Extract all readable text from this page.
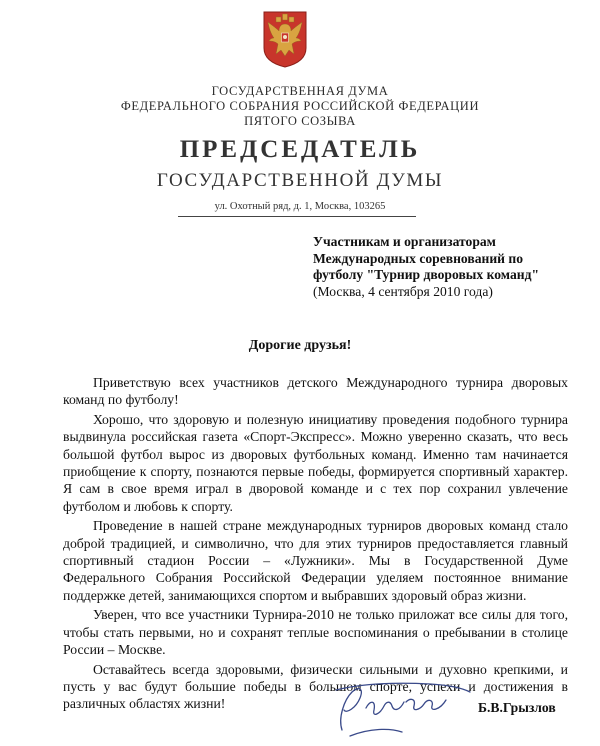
ГОСУДАРСТВЕННАЯ ДУМА
ФЕДЕРАЛЬНОГО СОБРАНИЯ РОССИЙСКОЙ ФЕДЕРАЦИИ
ПЯТОГО СОЗЫВА
ПРЕДСЕДАТЕЛЬ
ГОСУДАРСТВЕННОЙ ДУМЫ
ул. Охотный ряд, д. 1, Москва, 103265
Участникам и организаторам
Международных соревнований по
футболу "Турнир дворовых команд"
(Москва, 4 сентября 2010 года)
Дорогие друзья!

Приветствую всех участников детского Международного турнира дворовых команд по футболу!

Хорошо, что здоровую и полезную инициативу проведения подобного турнира выдвинула российская газета «Спорт-Экспресс». Можно уверенно сказать, что весь большой футбол вырос из дворовых футбольных команд. Именно там начинается приобщение к спорту, познаются первые победы, формируется спортивный характер. Я сам в свое время играл в дворовой команде и с тех пор сохранил увлечение футболом и любовь к спорту.

Проведение в нашей стране международных турниров дворовых команд стало доброй традицией, и символично, что для этих турниров предоставляется главный спортивный стадион России – «Лужники». Мы в Государственной Думе Федерального Собрания Российской Федерации уделяем постоянное внимание поддержке детей, занимающихся спортом и выбравших здоровый образ жизни.

Уверен, что все участники Турнира-2010 не только приложат все силы для того, чтобы стать первыми, но и сохранят теплые воспоминания о пребывании в столице России – Москве.

Оставайтесь всегда здоровыми, физически сильными и духовно крепкими, и пусть у вас будут большие победы в большом спорте, успехи и достижения в различных областях жизни!	Б.В.Грызлов
